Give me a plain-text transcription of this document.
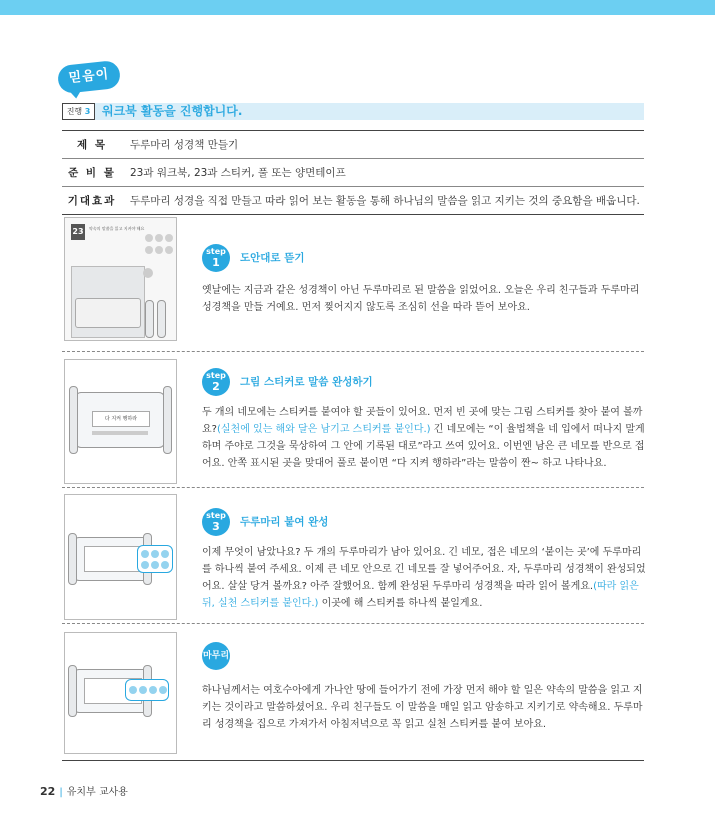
믿음이
진행 3 워크북 활동을 진행합니다.
제 목	두루마리 성경책 만들기
준 비 물	23과 워크북, 23과 스티커, 풀 또는 양면테이프
기대효과	두루마리 성경을 직접 만들고 따라 읽어 보는 활동을 통해 하나님의 말씀을 읽고 지키는 것의 중요함을 배웁니다.
23	약속의 말씀을 읽고 지켜야 해요
step
1	도안대로 뜯기
옛날에는 지금과 같은 성경책이 아닌 두루마리로 된 말씀을 읽었어요. 오늘은 우리 친구들과 두루마리 성경책을 만들 거예요. 먼저 찢어지지 않도록 조심히 선을 따라 뜯어 보아요.
다 지켜 행하라
step
2	그림 스티커로 말씀 완성하기
두 개의 네모에는 스티커를 붙여야 할 곳들이 있어요. 먼저 빈 곳에 맞는 그림 스티커를 찾아 붙여 볼까요?(실천에 있는 해와 달은 남기고 스티커를 붙인다.) 긴 네모에는 “이 율법책을 네 입에서 떠나지 말게 하며 주야로 그것을 묵상하여 그 안에 기록된 대로”라고 쓰여 있어요. 이번엔 남은 큰 네모를 반으로 접어요. 안쪽 표시된 곳을 맞대어 풀로 붙이면 “다 지켜 행하라”라는 말씀이 짠~ 하고 나타나요.
step
3	두루마리 붙여 완성
이제 무엇이 남았나요? 두 개의 두루마리가 남아 있어요. 긴 네모, 접은 네모의 ‘붙이는 곳’에 두루마리를 하나씩 붙여 주세요. 이제 큰 네모 안으로 긴 네모를 잘 넣어주어요. 자, 두루마리 성경책이 완성되었어요. 살살 당겨 볼까요? 아주 잘했어요. 함께 완성된 두루마리 성경책을 따라 읽어 볼게요.(따라 읽은 뒤, 실천 스티커를 붙인다.) 이곳에 해 스티커를 하나씩 붙일게요.
마무리
하나님께서는 여호수아에게 가나안 땅에 들어가기 전에 가장 먼저 해야 할 일은 약속의 말씀을 읽고 지키는 것이라고 말씀하셨어요. 우리 친구들도 이 말씀을 매일 읽고 암송하고 지키기로 약속해요. 두루마리 성경책을 집으로 가져가서 아침저녁으로 꼭 읽고 실천 스티커를 붙여 보아요.
22 | 유치부 교사용
